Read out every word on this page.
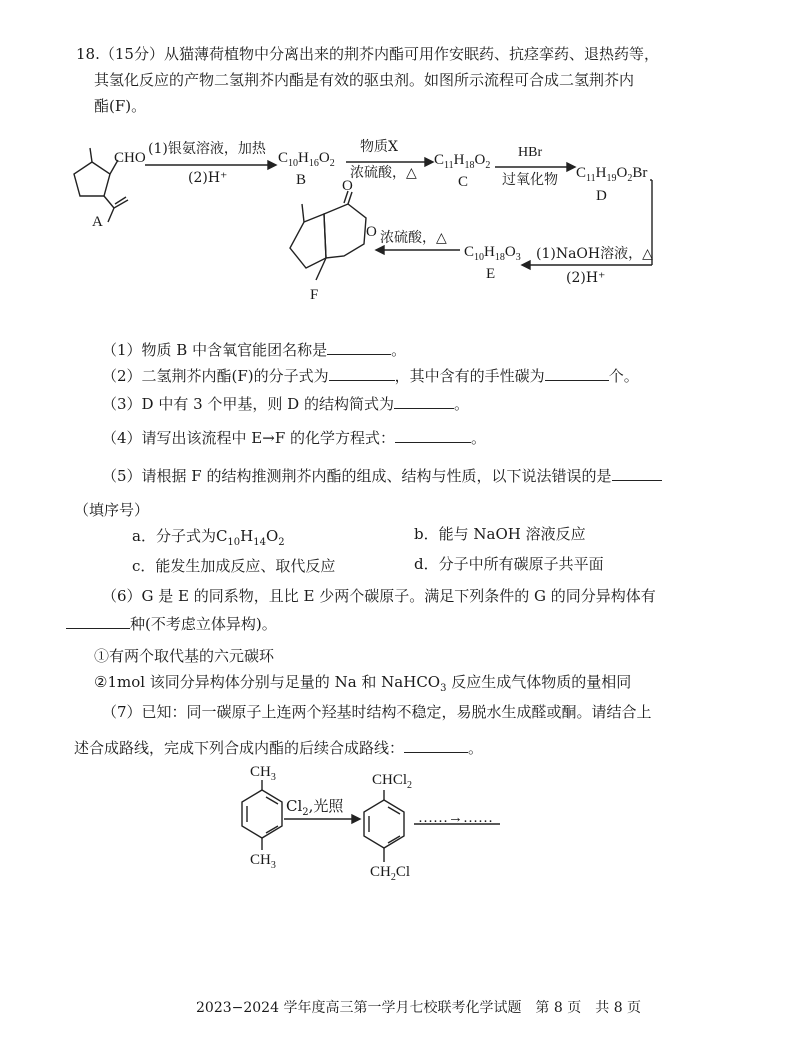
18.（15分）从猫薄荷植物中分离出来的荆芥内酯可用作安眠药、抗痉挛药、退热药等，
其氢化反应的产物二氢荆芥内酯是有效的驱虫剂。如图所示流程可合成二氢荆芥内
酯(F)。
CHO
A
(1)银氨溶液，加热
(2)H⁺
$C_{10}H_{16}O_2$
B
物质X
浓硫酸，△
$C_{11}H_{18}O_2$
C
HBr
过氧化物 $C_{11}H_{19}O_2Br$
D
(1)NaOH溶液，△
(2)H⁺
$C_{10}H_{18}O_3$
E
浓硫酸，△
O
O
F
（1）物质 B 中含氧官能团名称是	。
（2）二氢荆芥内酯(F)的分子式为	，其中含有的手性碳为	个。
（3）D 中有 3 个甲基，则 D 的结构简式为	。
（4）请写出该流程中 E→F 的化学方程式：	。
（5）请根据 F 的结构推测荆芥内酯的组成、结构与性质，以下说法错误的是
（填序号）
a．分子式为$C_{10}H_{14}O_2$	b．能与 NaOH 溶液反应
c．能发生加成反应、取代反应	d．分子中所有碳原子共平面
（6）G 是 E 的同系物，且比 E 少两个碳原子。满足下列条件的 G 的同分异构体有
种(不考虑立体异构)。
①有两个取代基的六元碳环
②1mol 该同分异构体分别与足量的 Na 和 NaHCO$_3$ 反应生成气体物质的量相同
（7）已知：同一碳原子上连两个羟基时结构不稳定，易脱水生成醛或酮。请结合上
述合成路线，完成下列合成内酯的后续合成路线：	。
$CH_3$
$CH_3$
$Cl_2$,光照
CHCl$_2$
$CH_2Cl$
……→……
2023−2024 学年度高三第一学月七校联考化学试题　第 8 页　共 8 页
